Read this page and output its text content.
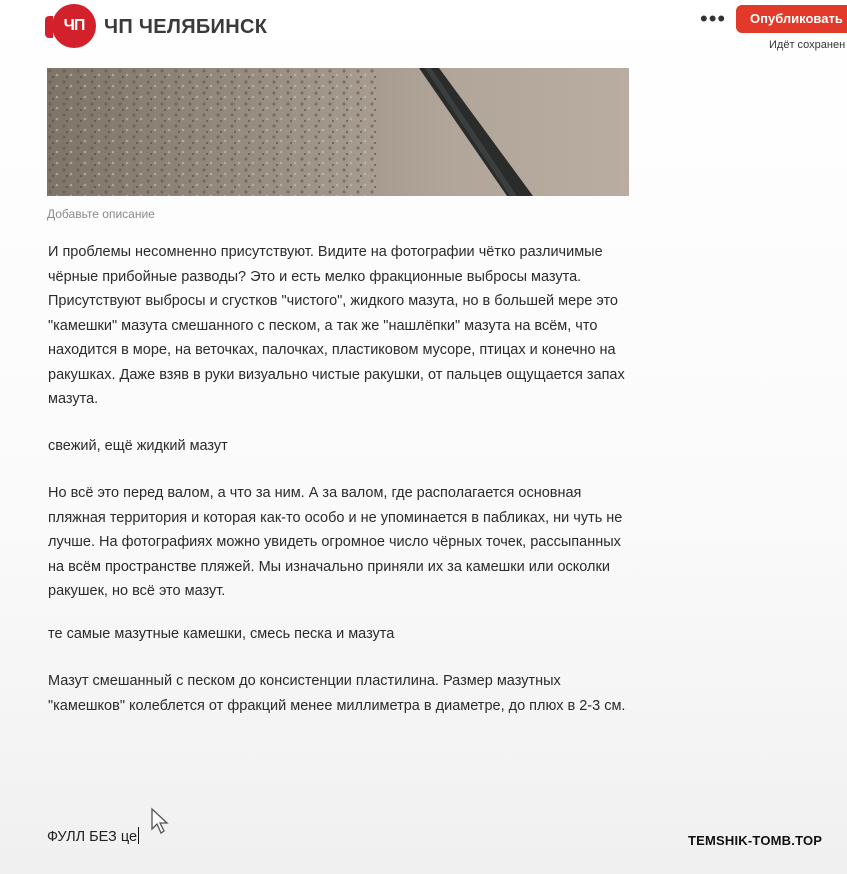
ЧП ЧП ЧЕЛЯБИНСК	•••	Опубликовать
Идёт сохранен
Добавьте описание
И проблемы несомненно присутствуют. Видите на фотографии чётко различимые чёрные прибойные разводы? Это и есть мелко фракционные выбросы мазута. Присутствуют выбросы и сгустков "чистого", жидкого мазута, но в большей мере это "камешки" мазута смешанного с песком, а так же "нашлёпки" мазута на всём, что находится в море, на веточках, палочках, пластиковом мусоре, птицах и конечно на ракушках. Даже взяв в руки визуально чистые ракушки, от пальцев ощущается запах мазута.
свежий, ещё жидкий мазут
Но всё это перед валом, а что за ним. А за валом, где располагается основная пляжная территория и которая как-то особо и не упоминается в пабликах, ни чуть не лучше. На фотографиях можно увидеть огромное число чёрных точек, рассыпанных на всём пространстве пляжей. Мы изначально приняли их за камешки или осколки ракушек, но всё это мазут.
те самые мазутные камешки, смесь песка и мазута
Мазут смешанный с песком до консистенции пластилина. Размер мазутных "камешков" колеблется от фракций менее миллиметра в диаметре, до плюх в 2-3 см.
ФУЛЛ БЕЗ це	TEMSHIK-TOMB.TOP
